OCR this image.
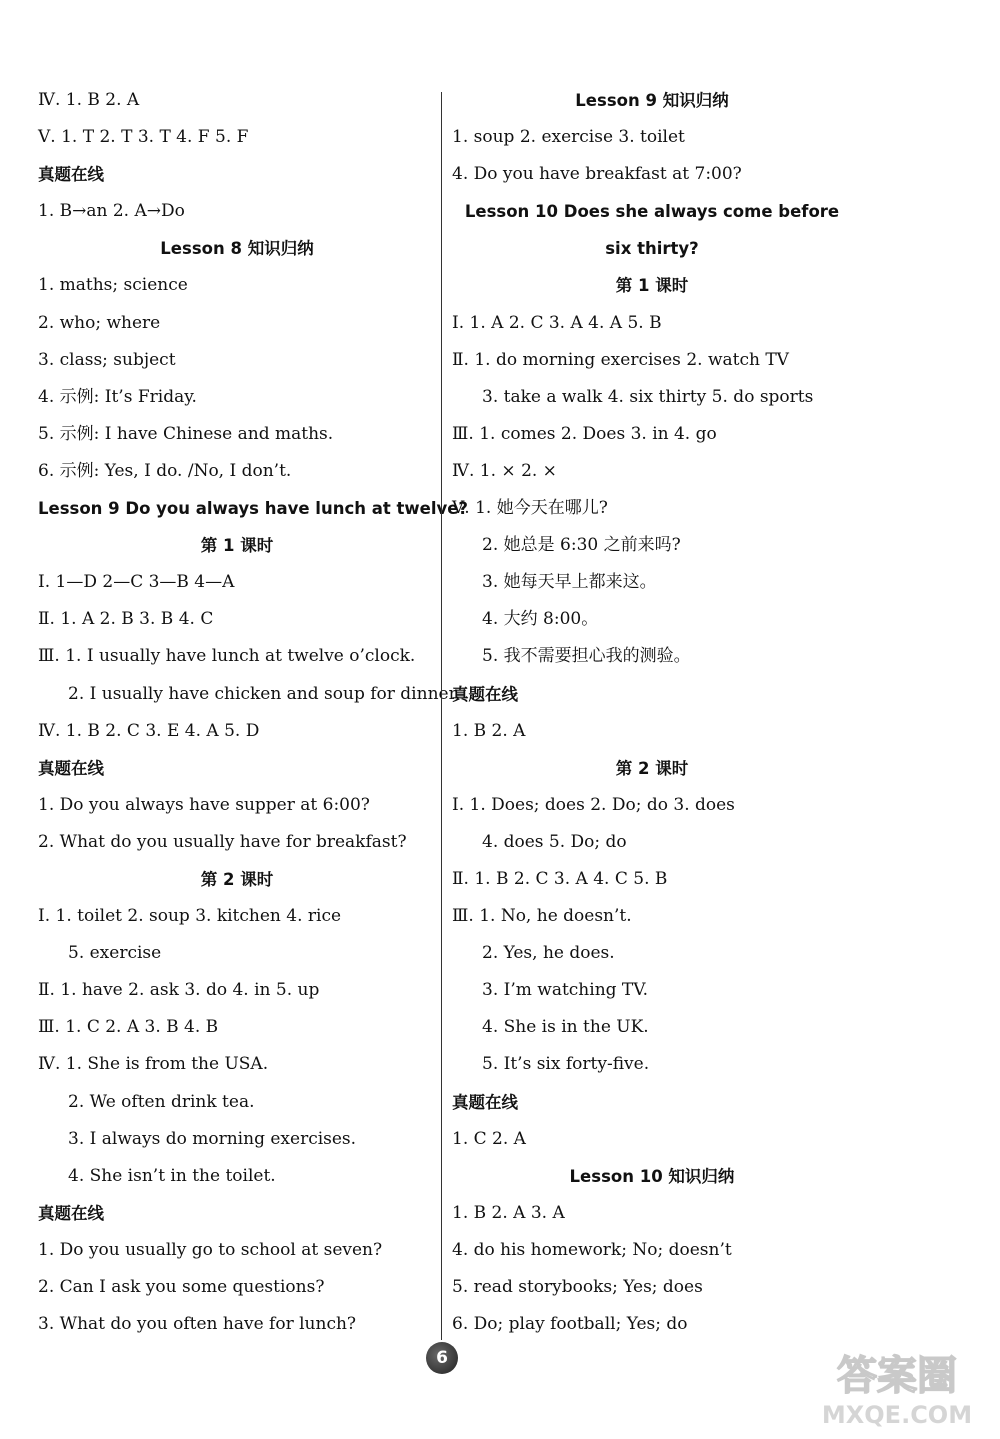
Ⅳ. 1. B 2. A
Ⅴ. 1. T 2. T 3. T 4. F 5. F
真题在线
1. B→an 2. A→Do
Lesson 8 知识归纳
1. maths; science
2. who; where
3. class; subject
4. 示例: It’s Friday.
5. 示例: I have Chinese and maths.
6. 示例: Yes, I do. /No, I don’t.
Lesson 9 Do you always have lunch at twelve?
第 1 课时
Ⅰ. 1—D 2—C 3—B 4—A
Ⅱ. 1. A 2. B 3. B 4. C
Ⅲ. 1. I usually have lunch at twelve o’clock.
2. I usually have chicken and soup for dinner.
Ⅳ. 1. B 2. C 3. E 4. A 5. D
真题在线
1. Do you always have supper at 6:00?
2. What do you usually have for breakfast?
第 2 课时
Ⅰ. 1. toilet 2. soup 3. kitchen 4. rice
5. exercise
Ⅱ. 1. have 2. ask 3. do 4. in 5. up
Ⅲ. 1. C 2. A 3. B 4. B
Ⅳ. 1. She is from the USA.
2. We often drink tea.
3. I always do morning exercises.
4. She isn’t in the toilet.
真题在线
1. Do you usually go to school at seven?
2. Can I ask you some questions?
3. What do you often have for lunch?
Lesson 9 知识归纳
1. soup 2. exercise 3. toilet
4. Do you have breakfast at 7:00?
Lesson 10 Does she always come before
six thirty?
第 1 课时
Ⅰ. 1. A 2. C 3. A 4. A 5. B
Ⅱ. 1. do morning exercises 2. watch TV
3. take a walk 4. six thirty 5. do sports
Ⅲ. 1. comes 2. Does 3. in 4. go
Ⅳ. 1. × 2. ×
Ⅴ. 1. 她今天在哪儿?
2. 她总是 6:30 之前来吗?
3. 她每天早上都来这。
4. 大约 8:00。
5. 我不需要担心我的测验。
真题在线
1. B 2. A
第 2 课时
Ⅰ. 1. Does; does 2. Do; do 3. does
4. does 5. Do; do
Ⅱ. 1. B 2. C 3. A 4. C 5. B
Ⅲ. 1. No, he doesn’t.
2. Yes, he does.
3. I’m watching TV.
4. She is in the UK.
5. It’s six forty-five.
真题在线
1. C 2. A
Lesson 10 知识归纳
1. B 2. A 3. A
4. do his homework; No; doesn’t
5. read storybooks; Yes; does
6. Do; play football; Yes; do
6	答案圈
MXQE.COM
